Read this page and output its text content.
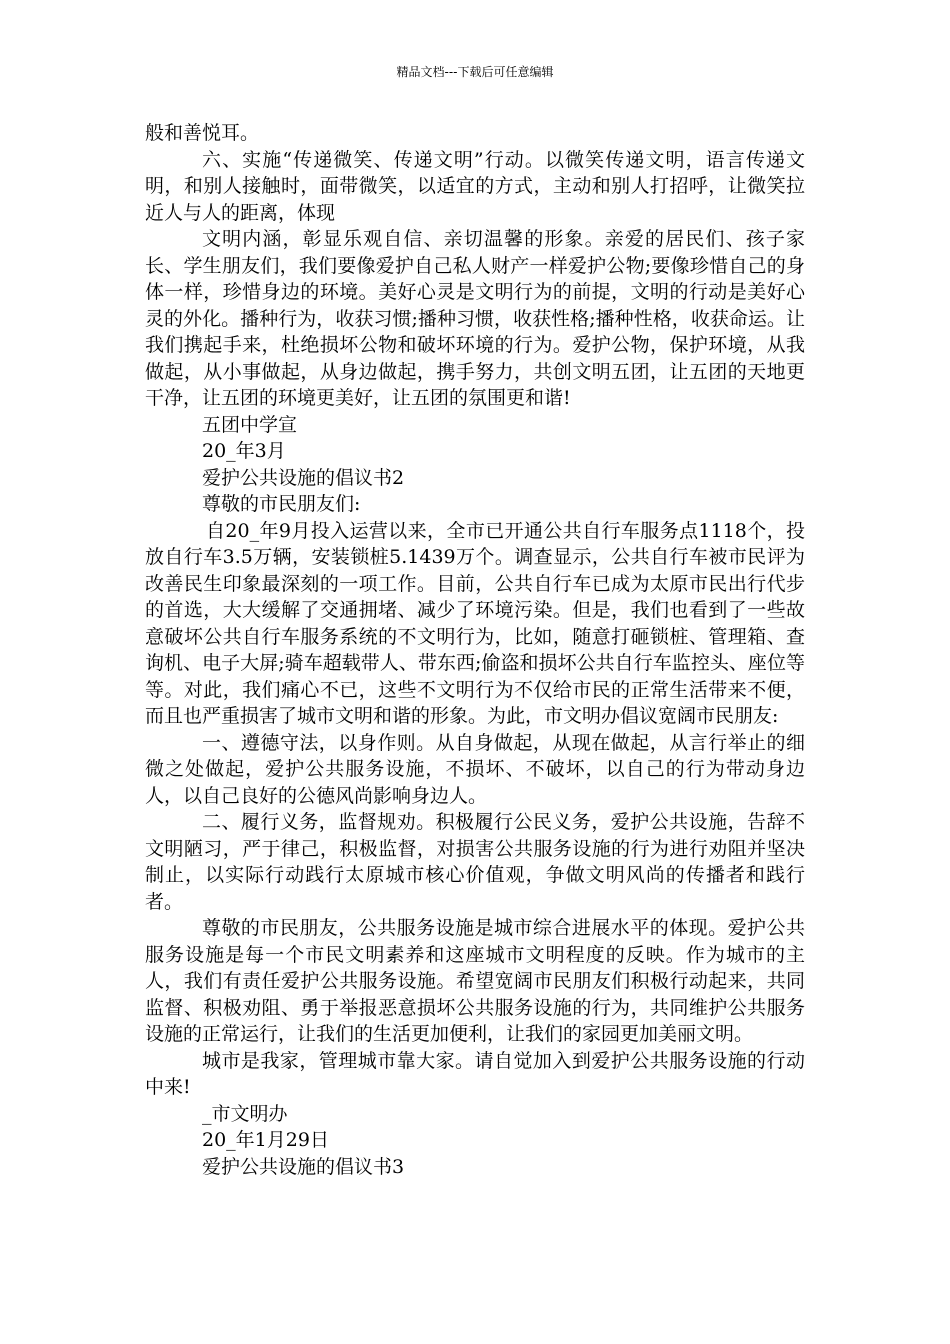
精品文档---下载后可任意编辑

般和善悦耳。

六、实施“传递微笑、传递文明”行动。以微笑传递文明，语言传递文明，和别人接触时，面带微笑，以适宜的方式，主动和别人打招呼，让微笑拉近人与人的距离，体现

文明内涵，彰显乐观自信、亲切温馨的形象。亲爱的居民们、孩子家长、学生朋友们，我们要像爱护自己私人财产一样爱护公物;要像珍惜自己的身体一样，珍惜身边的环境。美好心灵是文明行为的前提，文明的行动是美好心灵的外化。播种行为，收获习惯;播种习惯，收获性格;播种性格，收获命运。让我们携起手来，杜绝损坏公物和破坏环境的行为。爱护公物，保护环境，从我做起，从小事做起，从身边做起，携手努力，共创文明五团，让五团的天地更干净，让五团的环境更美好，让五团的氛围更和谐!

五团中学宣

20_年3月

爱护公共设施的倡议书2

尊敬的市民朋友们:

自20_年9月投入运营以来，全市已开通公共自行车服务点1118个，投放自行车3.5万辆，安装锁桩5.1439万个。调查显示，公共自行车被市民评为改善民生印象最深刻的一项工作。目前，公共自行车已成为太原市民出行代步的首选，大大缓解了交通拥堵、减少了环境污染。但是，我们也看到了一些故意破坏公共自行车服务系统的不文明行为，比如，随意打砸锁桩、管理箱、查询机、电子大屏;骑车超载带人、带东西;偷盗和损坏公共自行车监控头、座位等等。对此，我们痛心不已，这些不文明行为不仅给市民的正常生活带来不便，而且也严重损害了城市文明和谐的形象。为此，市文明办倡议宽阔市民朋友:

一、遵德守法，以身作则。从自身做起，从现在做起，从言行举止的细微之处做起，爱护公共服务设施，不损坏、不破坏，以自己的行为带动身边人，以自己良好的公德风尚影响身边人。

二、履行义务，监督规劝。积极履行公民义务，爱护公共设施，告辞不文明陋习，严于律己，积极监督，对损害公共服务设施的行为进行劝阻并坚决制止，以实际行动践行太原城市核心价值观，争做文明风尚的传播者和践行者。

尊敬的市民朋友，公共服务设施是城市综合进展水平的体现。爱护公共服务设施是每一个市民文明素养和这座城市文明程度的反映。作为城市的主人，我们有责任爱护公共服务设施。希望宽阔市民朋友们积极行动起来，共同监督、积极劝阻、勇于举报恶意损坏公共服务设施的行为，共同维护公共服务设施的正常运行，让我们的生活更加便利，让我们的家园更加美丽文明。

城市是我家，管理城市靠大家。请自觉加入到爱护公共服务设施的行动中来!

_市文明办

20_年1月29日

爱护公共设施的倡议书3
